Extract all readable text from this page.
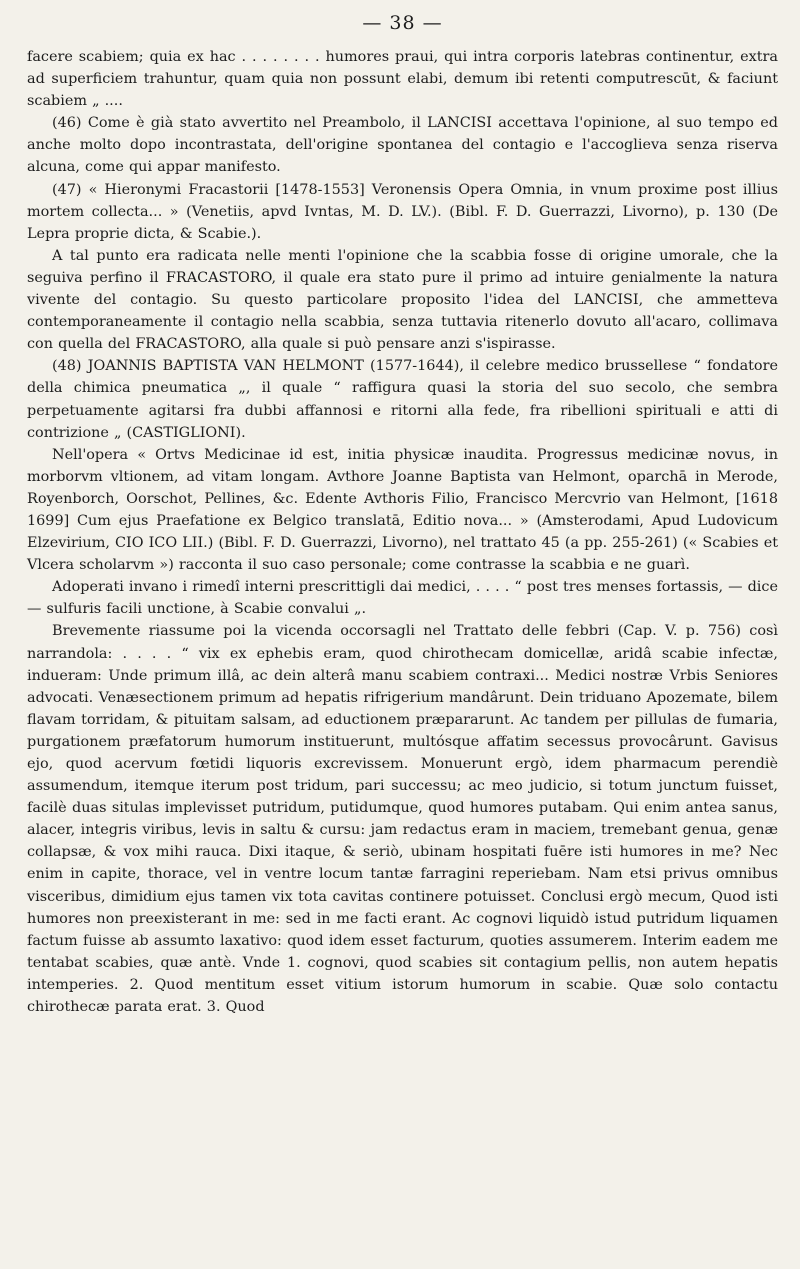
— 38 —

facere scabiem; quia ex hac . . . . . . . . humores praui, qui intra corporis latebras continentur, extra ad superficiem trahuntur, quam quia non possunt elabi, demum ibi retenti computrescūt, & faciunt scabiem „ ....

(46) Come è già stato avvertito nel Preambolo, il LANCISI accettava l'opinione, al suo tempo ed anche molto dopo incontrastata, dell'origine spontanea del contagio e l'accoglieva senza riserva alcuna, come qui appar manifesto.

(47) « Hieronymi Fracastorii [1478-1553] Veronensis Opera Omnia, in vnum proxime post illius mortem collecta... » (Venetiis, apvd Ivntas, M. D. LV.). (Bibl. F. D. Guerrazzi, Livorno), p. 130 (De Lepra proprie dicta, & Scabie.).

A tal punto era radicata nelle menti l'opinione che la scabbia fosse di origine umorale, che la seguiva perfino il FRACASTORO, il quale era stato pure il primo ad intuire genialmente la natura vivente del contagio. Su questo particolare proposito l'idea del LANCISI, che ammetteva contemporaneamente il contagio nella scabbia, senza tuttavia ritenerlo dovuto all'acaro, collimava con quella del FRACASTORO, alla quale si può pensare anzi s'ispirasse.

(48) JOANNIS BAPTISTA VAN HELMONT (1577-1644), il celebre medico brussellese “ fondatore della chimica pneumatica „, il quale “ raffigura quasi la storia del suo secolo, che sembra perpetuamente agitarsi fra dubbi affannosi e ritorni alla fede, fra ribellioni spirituali e atti di contrizione „ (CASTIGLIONI).

Nell'opera « Ortvs Medicinae id est, initia physicæ inaudita. Progressus medicinæ novus, in morborvm vltionem, ad vitam longam. Avthore Joanne Baptista van Helmont, oparchā in Merode, Royenborch, Oorschot, Pellines, &c. Edente Avthoris Filio, Francisco Mercvrio van Helmont, [1618 1699] Cum ejus Praefatione ex Belgico translatā, Editio nova... » (Amsterodami, Apud Ludovicum Elzevirium, CIO ICO LII.) (Bibl. F. D. Guerrazzi, Livorno), nel trattato 45 (a pp. 255-261) (« Scabies et Vlcera scholarvm ») racconta il suo caso personale; come contrasse la scabbia e ne guarì.

Adoperati invano i rimedî interni prescrittigli dai medici, . . . . “ post tres menses fortassis, — dice — sulfuris facili unctione, à Scabie convalui „.

Brevemente riassume poi la vicenda occorsagli nel Trattato delle febbri (Cap. V. p. 756) così narrandola: . . . . “ vix ex ephebis eram, quod chirothecam domicellæ, aridâ scabie infectæ, indueram: Unde primum illâ, ac dein alterâ manu scabiem contraxi... Medici nostræ Vrbis Seniores advocati. Venæsectionem primum ad hepatis rifrigerium mandârunt. Dein triduano Apozemate, bilem flavam torridam, & pituitam salsam, ad eductionem præpararunt. Ac tandem per pillulas de fumaria, purgationem præfatorum humorum instituerunt, multósque affatim secessus provocârunt. Gavisus ejo, quod acervum fœtidi liquoris excrevissem. Monuerunt ergò, idem pharmacum perendiè assumendum, itemque iterum post tridum, pari successu; ac meo judicio, si totum junctum fuisset, facilè duas situlas implevisset putridum, putidumque, quod humores putabam. Qui enim antea sanus, alacer, integris viribus, levis in saltu & cursu: jam redactus eram in maciem, tremebant genua, genæ collapsæ, & vox mihi rauca. Dixi itaque, & seriò, ubinam hospitati fuēre isti humores in me? Nec enim in capite, thorace, vel in ventre locum tantæ farragini reperiebam. Nam etsi privus omnibus visceribus, dimidium ejus tamen vix tota cavitas continere potuisset. Conclusi ergò mecum, Quod isti humores non preexisterant in me: sed in me facti erant. Ac cognovi liquidò istud putridum liquamen factum fuisse ab assumto laxativo: quod idem esset facturum, quoties assumerem. Interim eadem me tentabat scabies, quæ antè. Vnde 1. cognovi, quod scabies sit contagium pellis, non autem hepatis intemperies. 2. Quod mentitum esset vitium istorum humorum in scabie. Quæ solo contactu chirothecæ parata erat. 3. Quod
